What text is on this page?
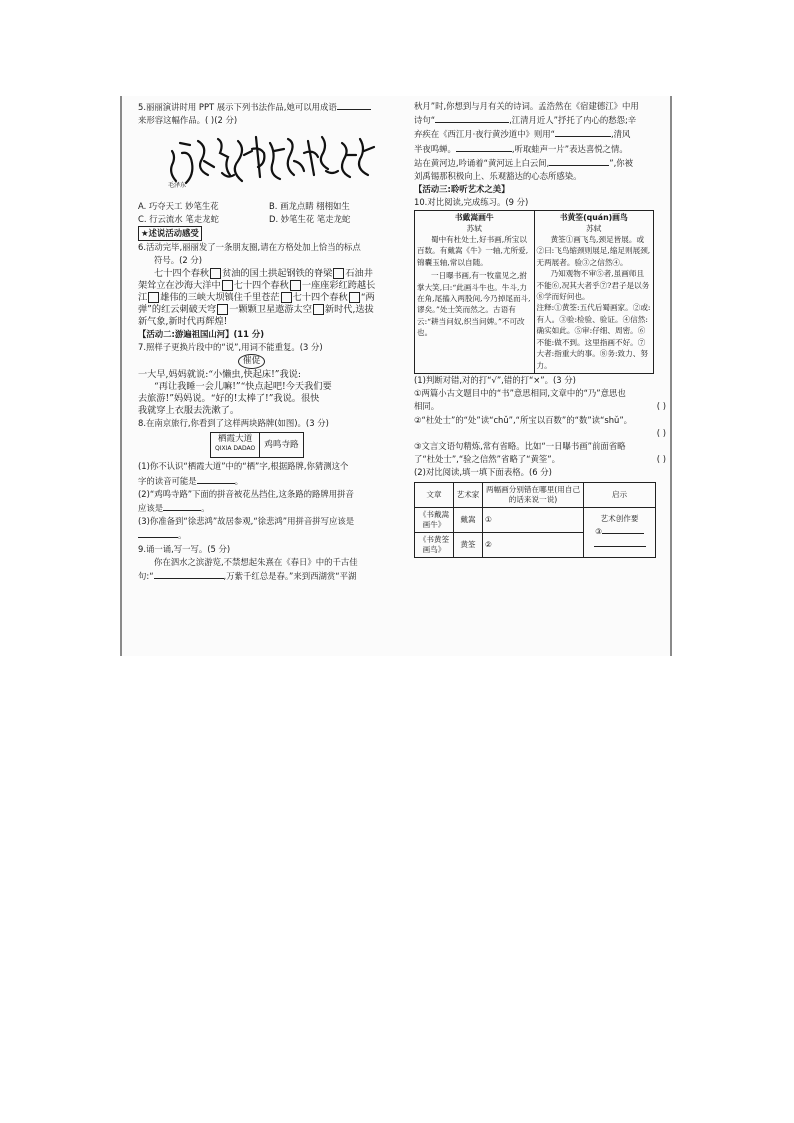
5.丽丽演讲时用 PPT 展示下列书法作品,她可以用成语

来形容这幅作品。( )(2 分)

毛泽东
A. 巧夺天工 妙笔生花	B. 画龙点睛 栩栩如生
C. 行云流水 笔走龙蛇	D. 妙笔生花 笔走龙蛇

★述说活动感受

6.活动完毕,丽丽发了一条朋友圈,请在方格处加上恰当的标点

符号。(2 分)

七十四个春秋 贫油的国土拱起钢铁的脊梁 石油井

架耸立在沙海大洋中 七十四个春秋 一座座彩红跨越长

江 雄伟的三峡大坝镇住千里苍茫 七十四个春秋 “两

弹”的红云刺破天穹 一颗颗卫星遨游太空 新时代,迭拔

新气象,新时代再辉煌!

【活动二:游遍祖国山河】(11 分)

7.照样子更换片段中的“说”,用词不能重复。(3 分)

催促

一大早,妈妈就说:“小懒虫,快起床!”我说:

“再让我睡一会儿嘛!”“快点起吧!今天我们要

去旅游!”妈妈说。“好的!太棒了!”我说。很快

我就穿上衣服去洗漱了。

8.在南京旅行,你看到了这样两块路牌(如图)。(3 分)

栖霞大道
QIXIA DADAO	鸡鸣寺路

(1)你不认识“栖霞大道”中的“栖”字,根据路牌,你猜测这个

字的读音可能是	。

(2)“鸡鸣寺路”下面的拼音被花丛挡住,这条路的路牌用拼音

应该是	。

(3)你准备到“徐悲鸿”故居参观,“徐悲鸿”用拼音拼写应该是

。

9.诵一诵,写一写。(5 分)

你在泗水之滨游览,不禁想起朱熹在《春日》中的千古佳

句:“	,万紫千红总是春。”来到西湖赏“平湖

秋月”时,你想到与月有关的诗词。孟浩然在《宿建德江》中用

诗句“	,江清月近人”抒托了内心的愁怨;辛

弃疾在《西江月·夜行黄沙道中》则用“	,清风

半夜鸣蝉。	,听取蛙声一片”表达喜悦之情。

站在黄河边,吟诵着“黄河远上白云间,	”,你被

刘禹锡那积极向上、乐观豁达的心态所感染。

【活动三:聆听艺术之美】

10.对比阅读,完成练习。(9 分)

书戴嵩画牛
苏轼
蜀中有杜处士,好书画,所宝以百数。有戴嵩《牛》一轴,尤所爱,锦囊玉轴,常以自随。
一日曝书画,有一牧童见之,拊掌大笑,曰:“此画斗牛也。牛斗,力在角,尾搐入两股间,今乃掉尾而斗,谬矣。”处士笑而然之。古语有云:“耕当问奴,织当问婢。”不可改也。

书黄筌(quán)画鸟
苏轼
黄筌①画飞鸟,颈足皆展。或②曰:飞鸟缩颈则展足,缩足则展颈,无两展者。验③之信然④。
乃知观物不审⑤者,虽画师且不能⑥,况其大者乎⑦?君子是以务⑧学而好问也。
注释:①黄筌:五代后蜀画家。②或:有人。③验:检验、验证。④信然:确实如此。⑤审:仔细、周密。⑥不能:做不到。这里指画不好。⑦大者:指重大的事。⑧务:致力、努力。

(1)判断对错,对的打“√”,错的打“×”。(3 分)

①两篇小古文题目中的“书”意思相同,文章中的“乃”意思也

相同。	( )

②“杜处士”的“处”读“chǔ”,“所宝以百数”的“数”读“shǔ”。

( )

③文言文语句精炼,常有省略。比如“一日曝书画”前面省略

了“杜处士”,“验之信然”省略了“黄筌”。	( )

(2)对比阅读,填一填下面表格。(6 分)

文章	艺术家	两幅画分别错在哪里(用自己的话来说一说)	启示
《书戴嵩画牛》	戴嵩	①	艺术创作要
③

《书黄筌画鸟》	黄筌	②	
